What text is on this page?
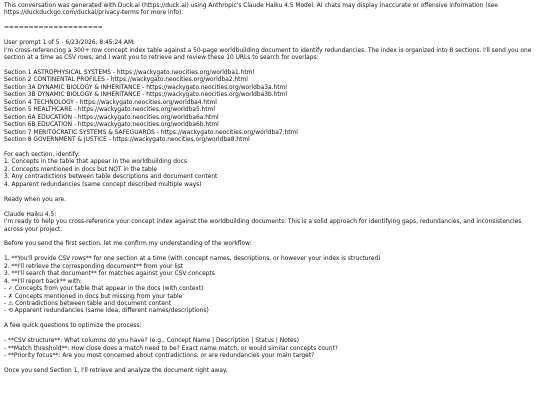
This conversation was generated with Duck.ai (https://duck.ai) using Anthropic's Claude Haiku 4.5 Model. AI chats may display inaccurate or offensive information (see https://duckduckgo.com/duckai/privacy-terms for more info).
====================
User prompt 1 of 5 - 6/23/2026, 8:45:24 AM:
I'm cross-referencing a 300+ row concept index table against a 50-page worldbuilding document to identify redundancies. The index is organized into 8 sections. I'll send you one section at a time as CSV rows, and I want you to retrieve and review these 10 URLs to search for overlaps:
Section 1 ASTROPHYSICAL SYSTEMS - https://wackygato.neocities.org/worldba1.html
Section 2 CONTINENTAL PROFILES - https://wackygato.neocities.org/worldba2.html
Section 3A DYNAMIC BIOLOGY & INHERITANCE - https://wackygato.neocities.org/worldba3a.html
Section 3B DYNAMIC BIOLOGY & INHERITANCE - https://wackygato.neocities.org/worldba3b.html
Section 4 TECHNOLOGY - https://wackygato.neocities.org/worldba4.html
Section 5 HEALTHCARE - https://wackygato.neocities.org/worldba5.html
Section 6A EDUCATION - https://wackygato.neocities.org/worldba6a.html
Section 6B EDUCATION - https://wackygato.neocities.org/worldba6b.html
Section 7 MERITOCRATIC SYSTEMS & SAFEGUARDS - https://wackygato.neocities.org/worldba7.html
Section 8 GOVERNMENT & JUSTICE - https://wackygato.neocities.org/worldba8.html
For each section, identify:
1. Concepts in the table that appear in the worldbuilding docs
2. Concepts mentioned in docs but NOT in the table
3. Any contradictions between table descriptions and document content
4. Apparent redundancies (same concept described multiple ways)
Ready when you are.
Claude Haiku 4.5:
I'm ready to help you cross-reference your concept index against the worldbuilding documents. This is a solid approach for identifying gaps, redundancies, and inconsistencies across your project.
Before you send the first section, let me confirm my understanding of the workflow:
1. **You'll provide CSV rows** for one section at a time (with concept names, descriptions, or however your index is structured)
2. **I'll retrieve the corresponding document** from your list
3. **I'll search that document** for matches against your CSV concepts
4. **I'll report back** with:
- ✓ Concepts from your table that appear in the docs (with context)
- ✗ Concepts mentioned in docs but missing from your table
- ⚠ Contradictions between table and document content
- ⟲ Apparent redundancies (same idea, different names/descriptions)
A few quick questions to optimize the process:
- **CSV structure**: What columns do you have? (e.g., Concept Name | Description | Status | Notes)
- **Match threshold**: How close does a match need to be? Exact name match, or would similar concepts count?
- **Priority focus**: Are you most concerned about contradictions, or are redundancies your main target?
Once you send Section 1, I'll retrieve and analyze the document right away.
